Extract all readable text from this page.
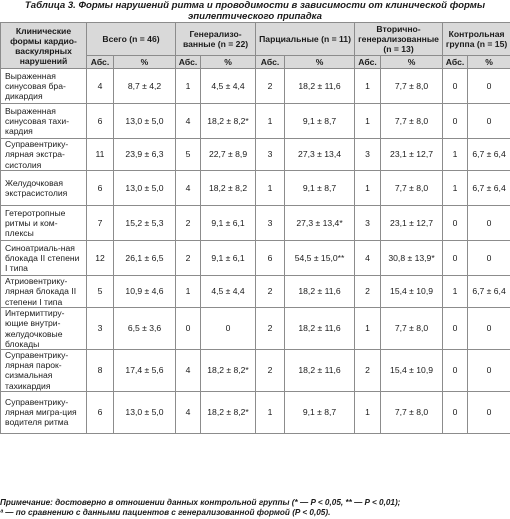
Таблица 3. Формы нарушений ритма и проводимости в зависимости от клинической формы
эпилептического припадка
Клинические формы кардио-васкулярных нарушений	Всего (n = 46)		Генерализо-ванные (n = 22)		Парциальные (n = 11)		Вторично-генерализованные (n = 13)		Контрольная группа (n = 15)	
	Абс.	%	Абс.	%	Абс.	%	Абс.	%	Абс.	%
Выраженная синусовая бра-дикардия	4	8,7 ± 4,2	1	4,5 ± 4,4	2	18,2 ± 11,6	1	7,7 ± 8,0	0	0
Выраженная синусовая тахи-кардия	6	13,0 ± 5,0	4	18,2 ± 8,2*	1	9,1 ± 8,7	1	7,7 ± 8,0	0	0
Суправентрику-лярная экстра-систолия	11	23,9 ± 6,3	5	22,7 ± 8,9	3	27,3 ± 13,4	3	23,1 ± 12,7	1	6,7 ± 6,4
Желудочковая экстрасистолия	6	13,0 ± 5,0	4	18,2 ± 8,2	1	9,1 ± 8,7	1	7,7 ± 8,0	1	6,7 ± 6,4
Гетеротропные ритмы и ком-плексы	7	15,2 ± 5,3	2	9,1 ± 6,1	3	27,3 ± 13,4*	3	23,1 ± 12,7	0	0
Синоатриаль-ная блокада II степени I типа	12	26,1 ± 6,5	2	9,1 ± 6,1	6	54,5 ± 15,0**	4	30,8 ± 13,9*	0	0
Атриовентрику-лярная блокада II степени I типа	5	10,9 ± 4,6	1	4,5 ± 4,4	2	18,2 ± 11,6	2	15,4 ± 10,9	1	6,7 ± 6,4
Интермиттиру-ющие внутри-желудочковые блокады	3	6,5 ± 3,6	0	0	2	18,2 ± 11,6	1	7,7 ± 8,0	0	0
Суправентрику-лярная парок-сизмальная тахикардия	8	17,4 ± 5,6	4	18,2 ± 8,2*	2	18,2 ± 11,6	2	15,4 ± 10,9	0	0
Суправентрику-лярная мигра-ция водителя ритма	6	13,0 ± 5,0	4	18,2 ± 8,2*	1	9,1 ± 8,7	1	7,7 ± 8,0	0	0
Примечание: достоверно в отношении данных контрольной группы (* — P < 0,05, ** — P < 0,01);
ª — по сравнению с данными пациентов с генерализованной формой (P < 0,05).
